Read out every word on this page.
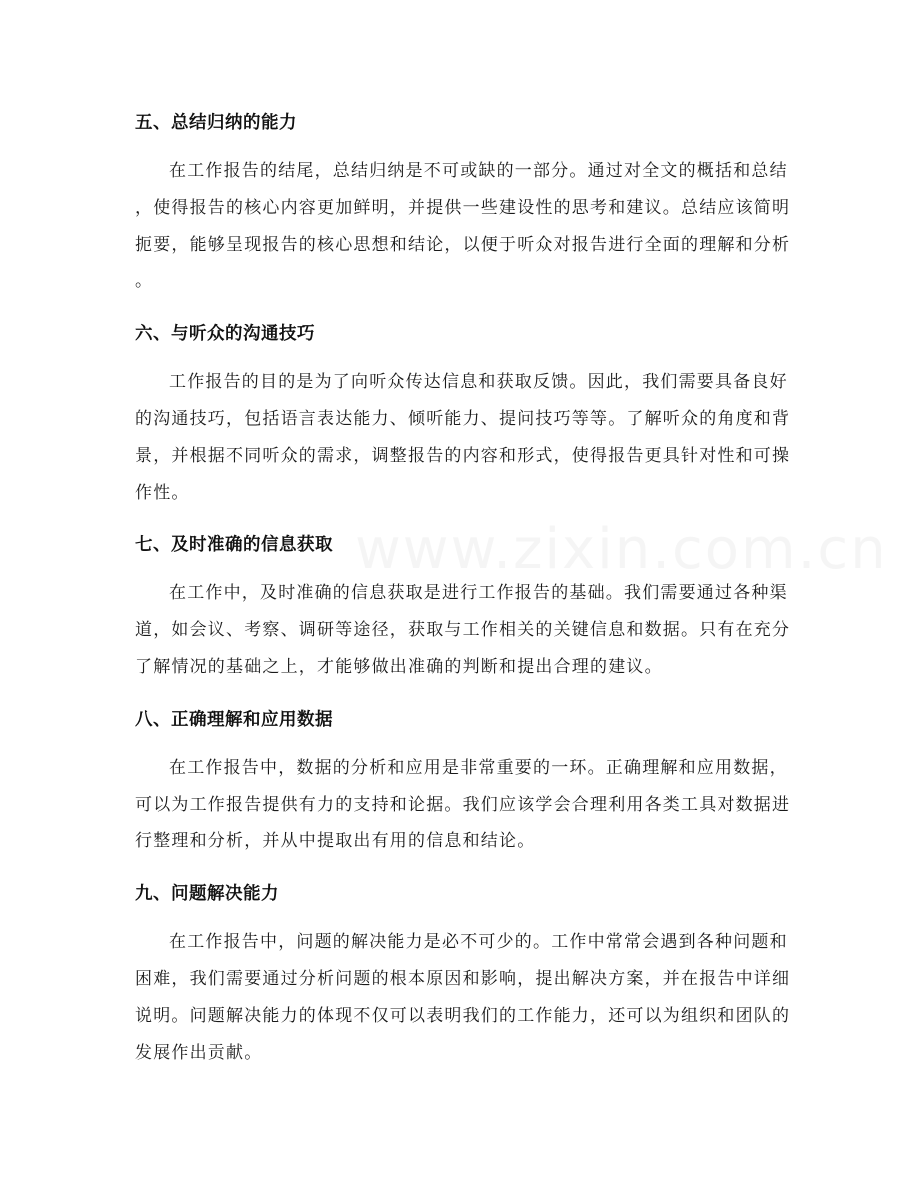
www.zixin.com.cn
五、总结归纳的能力

在工作报告的结尾，总结归纳是不可或缺的一部分。通过对全文的概括和总结
，使得报告的核心内容更加鲜明，并提供一些建设性的思考和建议。总结应该简明
扼要，能够呈现报告的核心思想和结论，以便于听众对报告进行全面的理解和分析
。

六、与听众的沟通技巧

工作报告的目的是为了向听众传达信息和获取反馈。因此，我们需要具备良好
的沟通技巧，包括语言表达能力、倾听能力、提问技巧等等。了解听众的角度和背
景，并根据不同听众的需求，调整报告的内容和形式，使得报告更具针对性和可操
作性。

七、及时准确的信息获取

在工作中，及时准确的信息获取是进行工作报告的基础。我们需要通过各种渠
道，如会议、考察、调研等途径，获取与工作相关的关键信息和数据。只有在充分
了解情况的基础之上，才能够做出准确的判断和提出合理的建议。

八、正确理解和应用数据

在工作报告中，数据的分析和应用是非常重要的一环。正确理解和应用数据，
可以为工作报告提供有力的支持和论据。我们应该学会合理利用各类工具对数据进
行整理和分析，并从中提取出有用的信息和结论。

九、问题解决能力

在工作报告中，问题的解决能力是必不可少的。工作中常常会遇到各种问题和
困难，我们需要通过分析问题的根本原因和影响，提出解决方案，并在报告中详细
说明。问题解决能力的体现不仅可以表明我们的工作能力，还可以为组织和团队的
发展作出贡献。
